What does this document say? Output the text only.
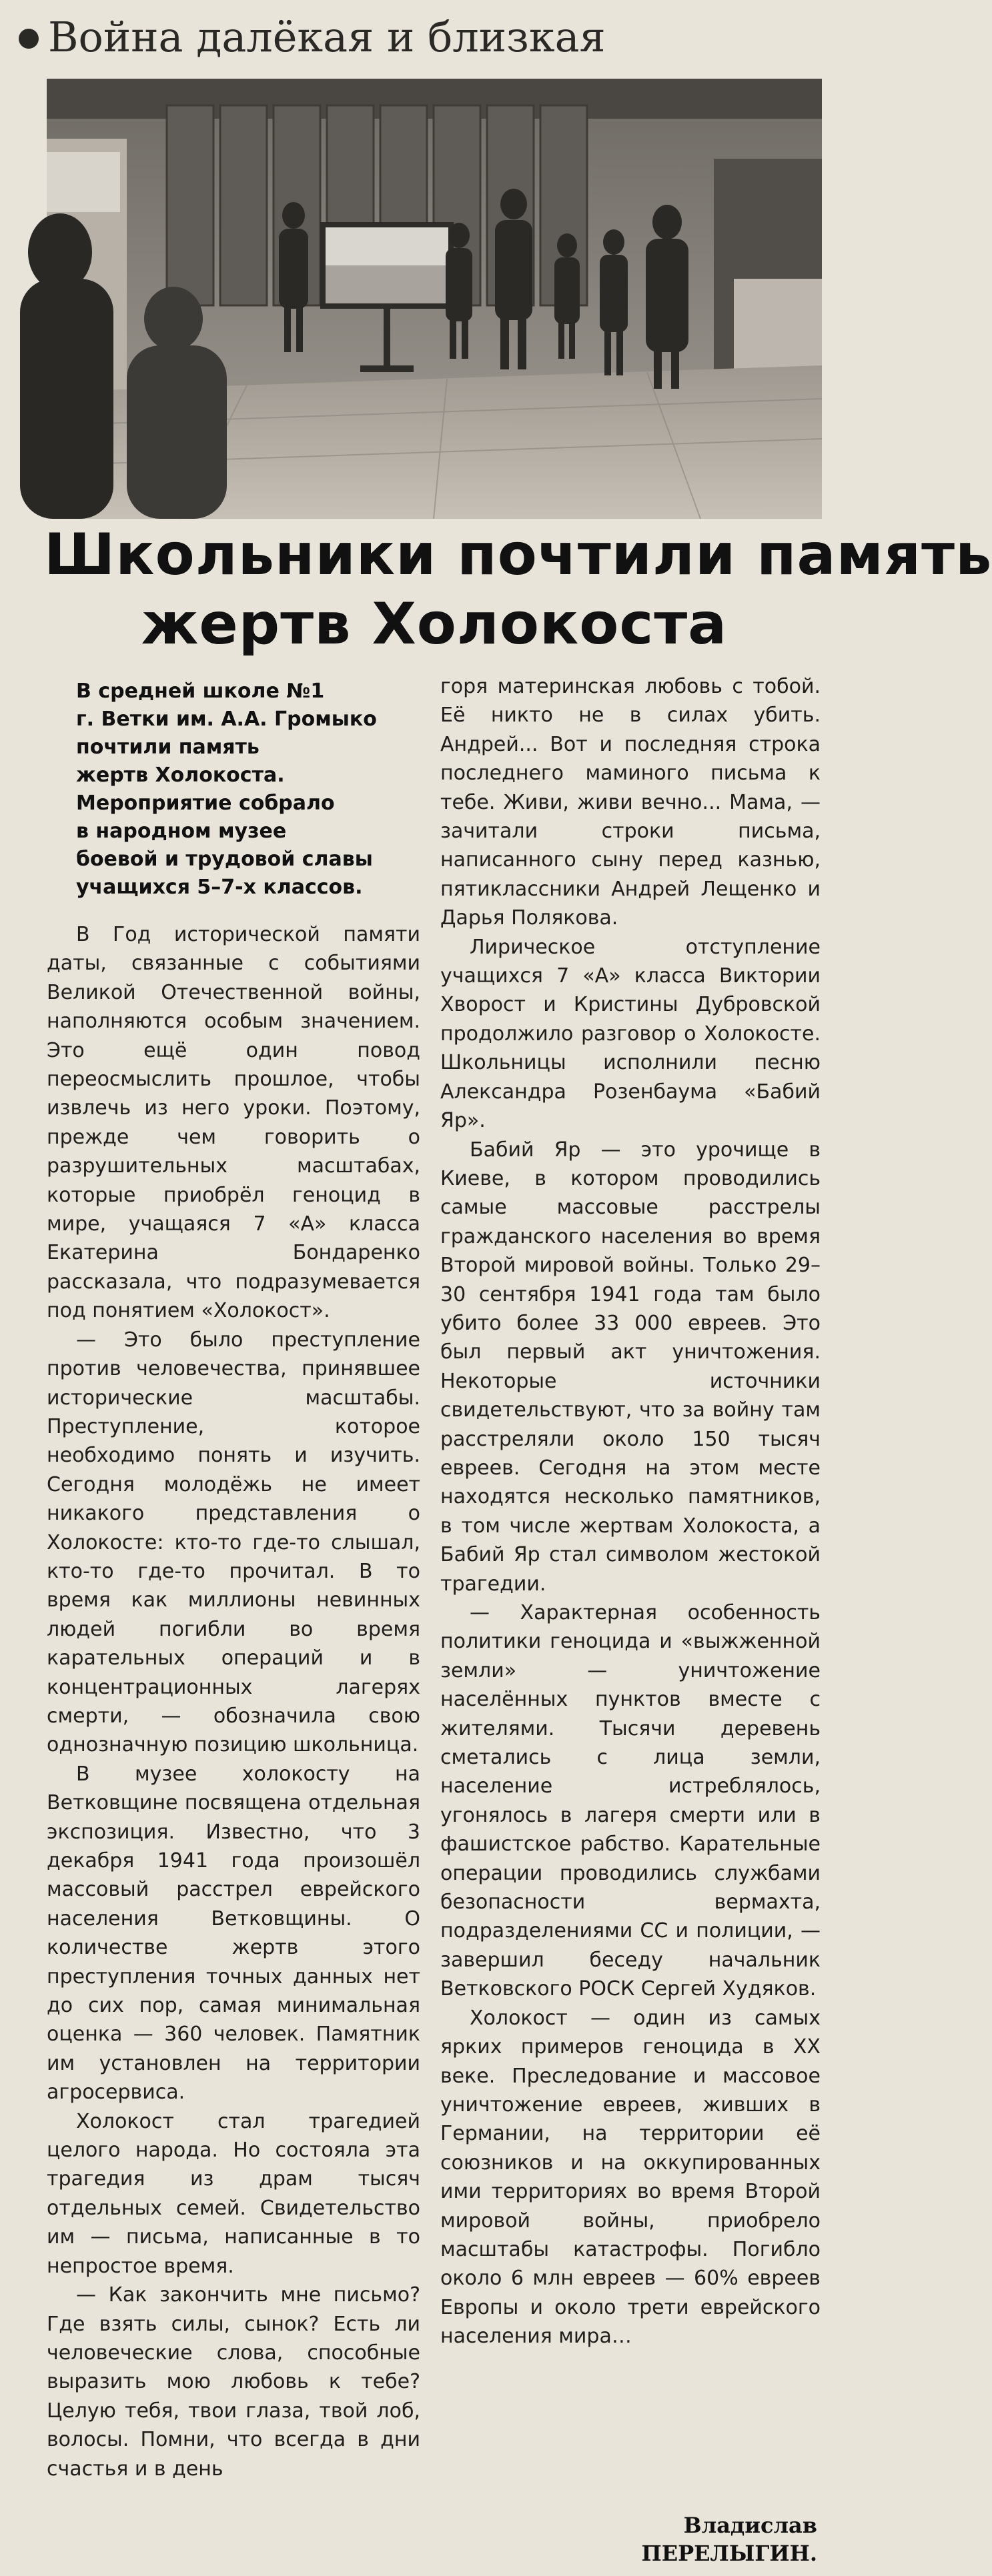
Война далёкая и близкая
Школьники почтили память
жертв Холокоста
В средней школе №1
г. Ветки им. А.А. Громыко
почтили память
жертв Холокоста.
Мероприятие собрало
в народном музее
боевой и трудовой славы
учащихся 5–7-х классов.

В Год исторической памяти даты, связанные с событиями Великой Отечественной войны, наполняются особым значением. Это ещё один повод переосмыслить прошлое, чтобы извлечь из него уроки. Поэтому, прежде чем говорить о разрушительных масштабах, которые приобрёл геноцид в мире, учащаяся 7 «А» класса Екатерина Бондаренко рассказала, что подразумевается под понятием «Холокост».

— Это было преступление против человечества, принявшее исторические масштабы. Преступление, которое необходимо понять и изучить. Сегодня молодёжь не имеет никакого представления о Холокосте: кто-то где-то слышал, кто-то где-то прочитал. В то время как миллионы невинных людей погибли во время карательных операций и в концентрационных лагерях смерти, — обозначила свою однозначную позицию школьница.

В музее холокосту на Ветковщине посвящена отдельная экспозиция. Известно, что 3 декабря 1941 года произошёл массовый расстрел еврейского населения Ветковщины. О количестве жертв этого преступления точных данных нет до сих пор, самая минимальная оценка — 360 человек. Памятник им установлен на территории агросервиса.

Холокост стал трагедией целого народа. Но состояла эта трагедия из драм тысяч отдельных семей. Свидетельство им — письма, написанные в то непростое время.

— Как закончить мне письмо? Где взять силы, сынок? Есть ли человеческие слова, способные выразить мою любовь к тебе? Целую тебя, твои глаза, твой лоб, волосы. Помни, что всегда в дни счастья и в день

горя материнская любовь с тобой. Её никто не в силах убить. Андрей... Вот и последняя строка последнего маминого письма к тебе. Живи, живи вечно... Мама, — зачитали строки письма, написанного сыну перед казнью, пятиклассники Андрей Лещенко и Дарья Полякова.

Лирическое отступление учащихся 7 «А» класса Виктории Хворост и Кристины Дубровской продолжило разговор о Холокосте. Школьницы исполнили песню Александра Розенбаума «Бабий Яр».

Бабий Яр — это урочище в Киеве, в котором проводились самые массовые расстрелы гражданского населения во время Второй мировой войны. Только 29–30 сентября 1941 года там было убито более 33 000 евреев. Это был первый акт уничтожения. Некоторые источники свидетельствуют, что за войну там расстреляли около 150 тысяч евреев. Сегодня на этом месте находятся несколько памятников, в том числе жертвам Холокоста, а Бабий Яр стал символом жестокой трагедии.

— Характерная особенность политики геноцида и «выжженной земли» — уничтожение населённых пунктов вместе с жителями. Тысячи деревень сметались с лица земли, население истреблялось, угонялось в лагеря смерти или в фашистское рабство. Карательные операции проводились службами безопасности вермахта, подразделениями СС и полиции, — завершил беседу начальник Ветковского РОСК Сергей Худяков.

Холокост — один из самых ярких примеров геноцида в ХХ веке. Преследование и массовое уничтожение евреев, живших в Германии, на территории её союзников и на оккупированных ими территориях во время Второй мировой войны, приобрело масштабы катастрофы. Погибло около 6 млн евреев — 60% евреев Европы и около трети еврейского населения мира…

Владислав
ПЕРЕЛЫГИН.
